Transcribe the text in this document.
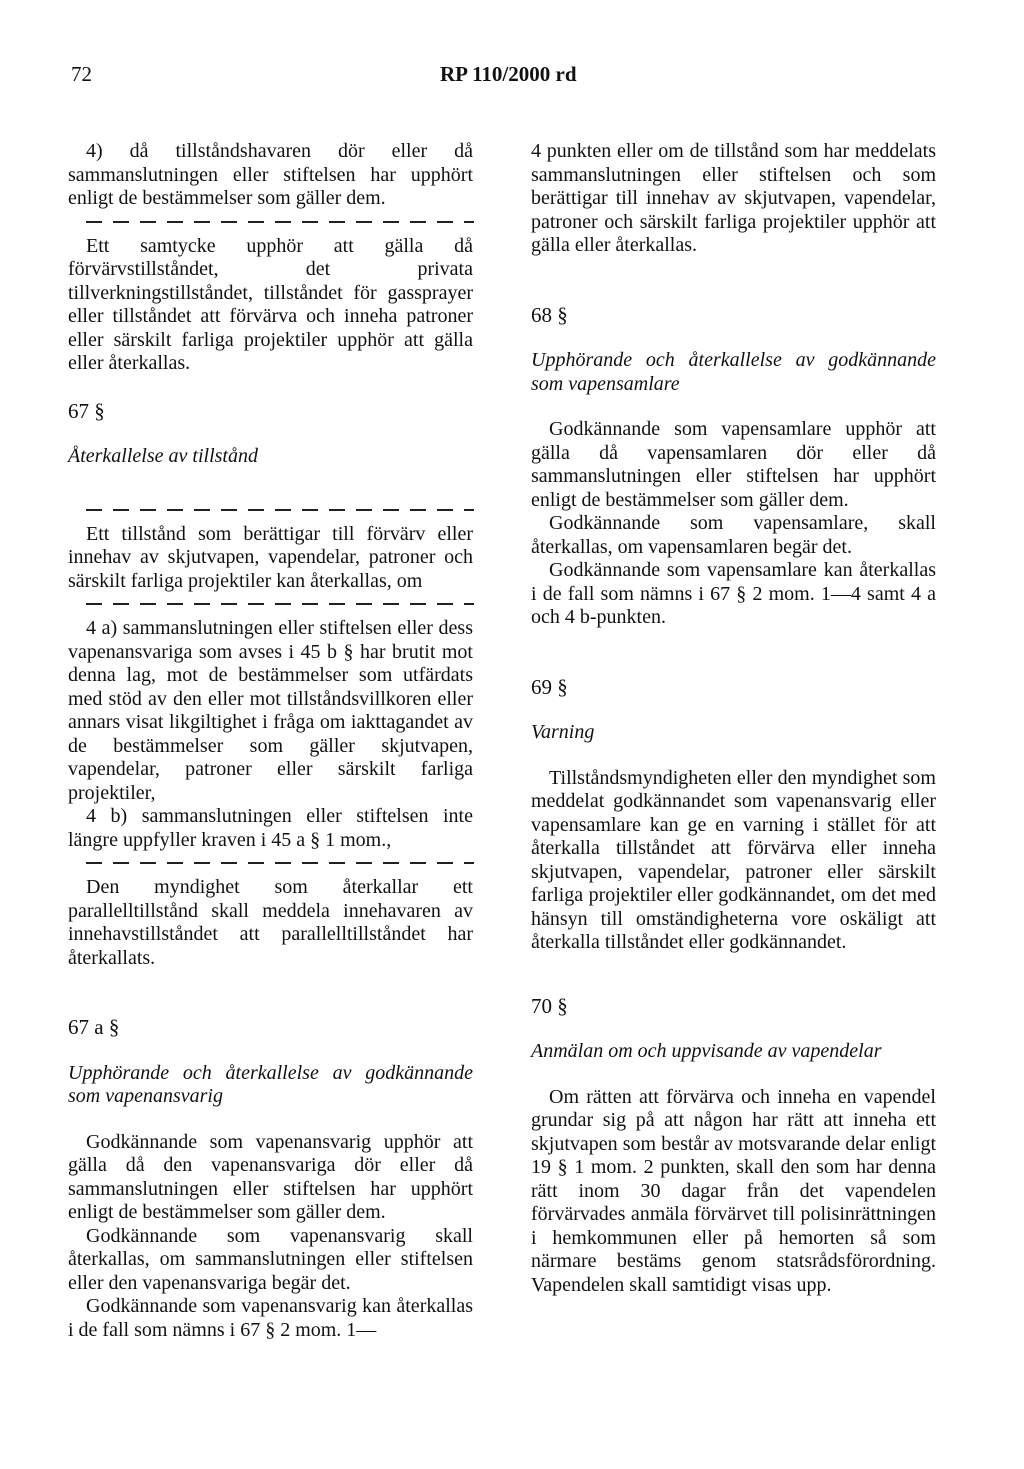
72	RP 110/2000 rd

4) då tillståndshavaren dör eller då sammanslutningen eller stiftelsen har upphört enligt de bestämmelser som gäller dem.

Ett samtycke upphör att gälla då förvärvstillståndet, det privata tillverkningstillståndet, tillståndet för gassprayer eller tillståndet att förvärva och inneha patroner eller särskilt farliga projektiler upphör att gälla eller återkallas.

67 §

Återkallelse av tillstånd

Ett tillstånd som berättigar till förvärv eller innehav av skjutvapen, vapendelar, patroner och särskilt farliga projektiler kan återkallas, om

4 a) sammanslutningen eller stiftelsen eller dess vapenansvariga som avses i 45 b § har brutit mot denna lag, mot de bestämmelser som utfärdats med stöd av den eller mot tillståndsvillkoren eller annars visat likgiltighet i fråga om iakttagandet av de bestämmelser som gäller skjutvapen, vapendelar, patroner eller särskilt farliga projektiler,

4 b) sammanslutningen eller stiftelsen inte längre uppfyller kraven i 45 a § 1 mom.,

Den myndighet som återkallar ett parallelltillstånd skall meddela innehavaren av innehavstillståndet att parallelltillståndet har återkallats.

67 a §

Upphörande och återkallelse av godkännande som vapenansvarig

Godkännande som vapenansvarig upphör att gälla då den vapenansvariga dör eller då sammanslutningen eller stiftelsen har upphört enligt de bestämmelser som gäller dem.

Godkännande som vapenansvarig skall återkallas, om sammanslutningen eller stiftelsen eller den vapenansvariga begär det.

Godkännande som vapenansvarig kan återkallas i de fall som nämns i 67 § 2 mom. 1—

4 punkten eller om de tillstånd som har meddelats sammanslutningen eller stiftelsen och som berättigar till innehav av skjutvapen, vapendelar, patroner och särskilt farliga projektiler upphör att gälla eller återkallas.

68 §

Upphörande och återkallelse av godkännande som vapensamlare

Godkännande som vapensamlare upphör att gälla då vapensamlaren dör eller då sammanslutningen eller stiftelsen har upphört enligt de bestämmelser som gäller dem.

Godkännande som vapensamlare, skall återkallas, om vapensamlaren begär det.

Godkännande som vapensamlare kan återkallas i de fall som nämns i 67 § 2 mom. 1—4 samt 4 a och 4 b-punkten.

69 §

Varning

Tillståndsmyndigheten eller den myndighet som meddelat godkännandet som vapenansvarig eller vapensamlare kan ge en varning i stället för att återkalla tillståndet att förvärva eller inneha skjutvapen, vapendelar, patroner eller särskilt farliga projektiler eller godkännandet, om det med hänsyn till omständigheterna vore oskäligt att återkalla tillståndet eller godkännandet.

70 §

Anmälan om och uppvisande av vapendelar

Om rätten att förvärva och inneha en vapendel grundar sig på att någon har rätt att inneha ett skjutvapen som består av motsvarande delar enligt 19 § 1 mom. 2 punkten, skall den som har denna rätt inom 30 dagar från det vapendelen förvärvades anmäla förvärvet till polisinrättningen i hemkommunen eller på hemorten så som närmare bestäms genom statsrådsförordning. Vapendelen skall samtidigt visas upp.
